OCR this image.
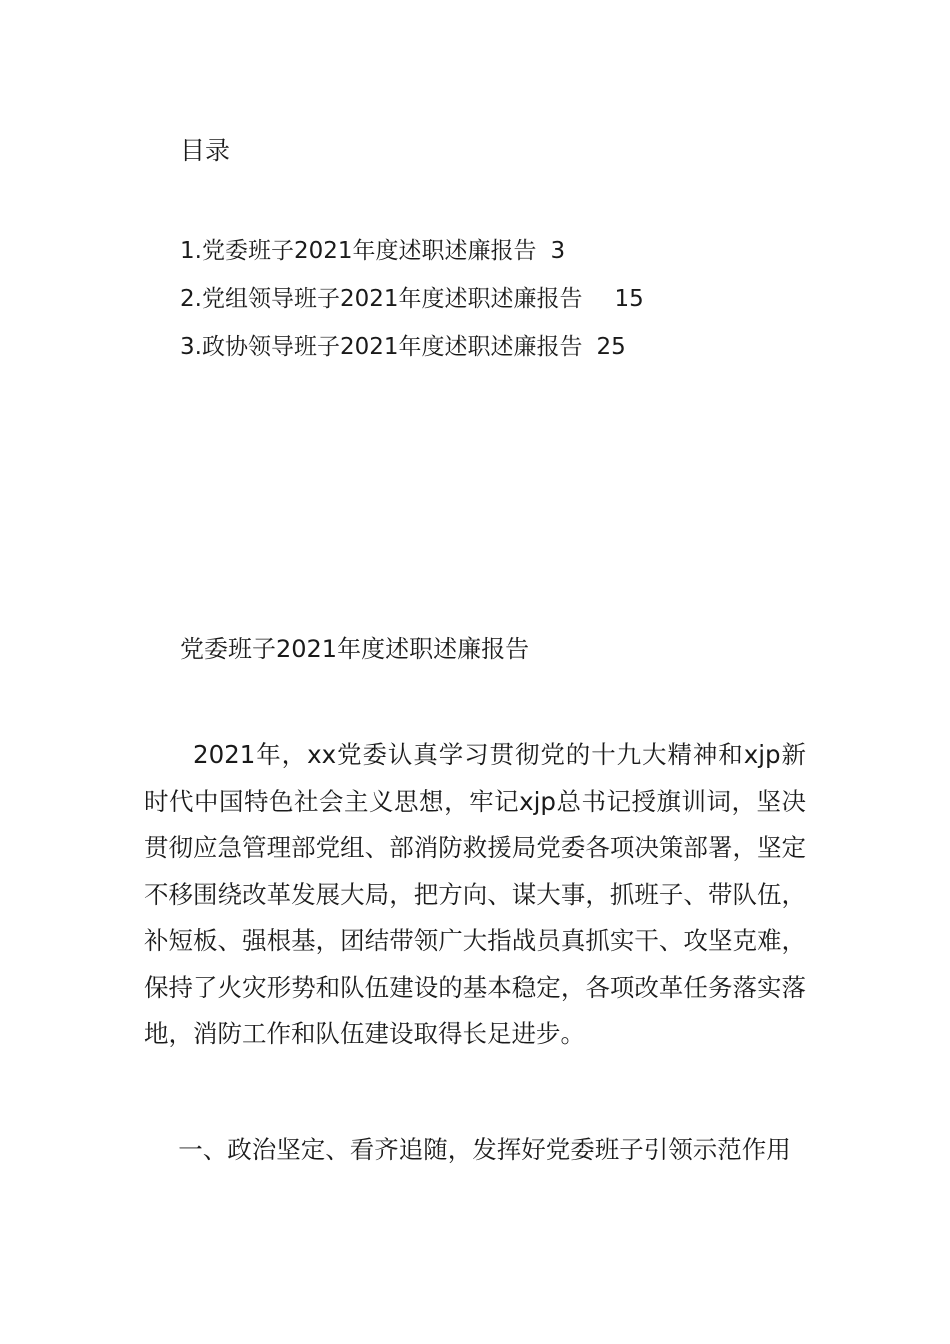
目录
1.党委班子2021年度述职述廉报告 3
2.党组领导班子2021年度述职述廉报告 15
3.政协领导班子2021年度述职述廉报告 25
党委班子2021年度述职述廉报告

2021年，xx党委认真学习贯彻党的十九大精神和xjp新时代中国特色社会主义思想，牢记xjp总书记授旗训词，坚决贯彻应急管理部党组、部消防救援局党委各项决策部署，坚定不移围绕改革发展大局，把方向、谋大事，抓班子、带队伍，补短板、强根基，团结带领广大指战员真抓实干、攻坚克难，保持了火灾形势和队伍建设的基本稳定，各项改革任务落实落地，消防工作和队伍建设取得长足进步。

一、政治坚定、看齐追随，发挥好党委班子引领示范作用
